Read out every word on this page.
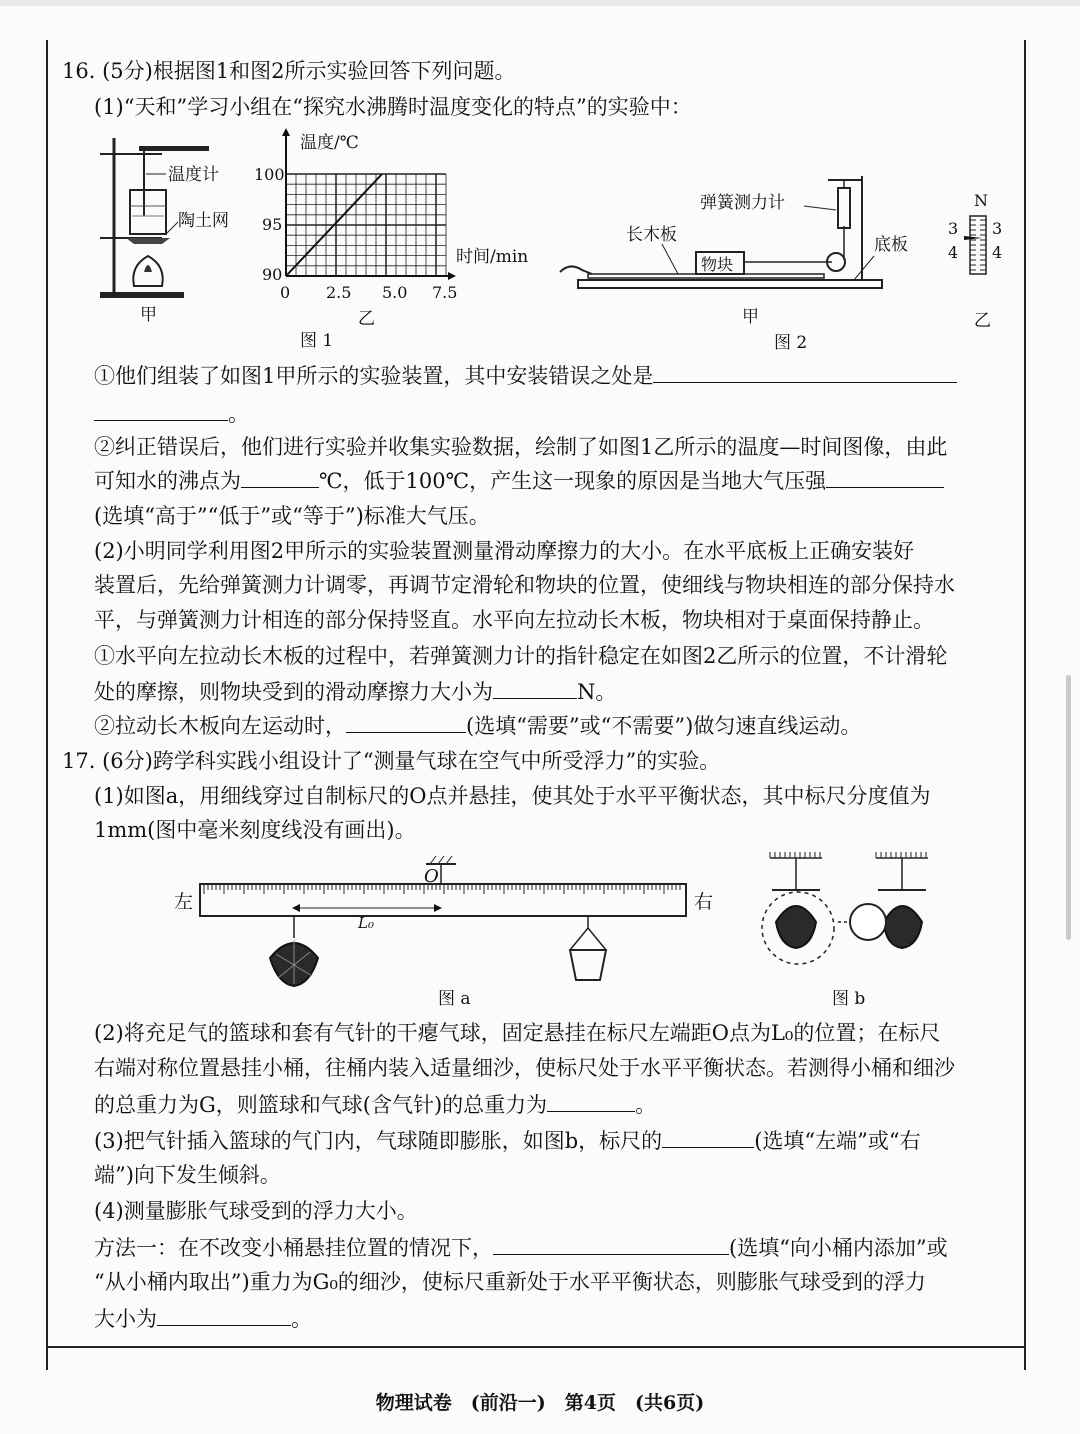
16. (5分)根据图1和图2所示实验回答下列问题。
(1)“天和”学习小组在“探究水沸腾时温度变化的特点”的实验中：
温度计
陶土网
甲
温度/℃
时间/min
100
95
90
0 2.5 5.0 7.5
乙
图 1
弹簧测力计
长木板
物块
底板
N
3 3
4 4
甲	乙
图 2
①他们组装了如图1甲所示的实验装置，其中安装错误之处是
。
②纠正错误后，他们进行实验并收集实验数据，绘制了如图1乙所示的温度—时间图像，由此
可知水的沸点为	℃，低于100℃，产生这一现象的原因是当地大气压强
(选填“高于”“低于”或“等于”)标准大气压。
(2)小明同学利用图2甲所示的实验装置测量滑动摩擦力的大小。在水平底板上正确安装好
装置后，先给弹簧测力计调零，再调节定滑轮和物块的位置，使细线与物块相连的部分保持水
平，与弹簧测力计相连的部分保持竖直。水平向左拉动长木板，物块相对于桌面保持静止。
①水平向左拉动长木板的过程中，若弹簧测力计的指针稳定在如图2乙所示的位置，不计滑轮
处的摩擦，则物块受到的滑动摩擦力大小为	N。
②拉动长木板向左运动时，	(选填“需要”或“不需要”)做匀速直线运动。
17. (6分)跨学科实践小组设计了“测量气球在空气中所受浮力”的实验。
(1)如图a，用细线穿过自制标尺的O点并悬挂，使其处于水平平衡状态，其中标尺分度值为
1mm(图中毫米刻度线没有画出)。
左	右
O
L₀
图 a	图 b
(2)将充足气的篮球和套有气针的干瘪气球，固定悬挂在标尺左端距O点为L₀的位置；在标尺
右端对称位置悬挂小桶，往桶内装入适量细沙，使标尺处于水平平衡状态。若测得小桶和细沙
的总重力为G，则篮球和气球(含气针)的总重力为	。
(3)把气针插入篮球的气门内，气球随即膨胀，如图b，标尺的	(选填“左端”或“右
端”)向下发生倾斜。
(4)测量膨胀气球受到的浮力大小。
方法一：在不改变小桶悬挂位置的情况下，	(选填“向小桶内添加”或
“从小桶内取出”)重力为G₀的细沙，使标尺重新处于水平平衡状态，则膨胀气球受到的浮力
大小为	。
物理试卷　(前沿一)　第4页　(共6页)
